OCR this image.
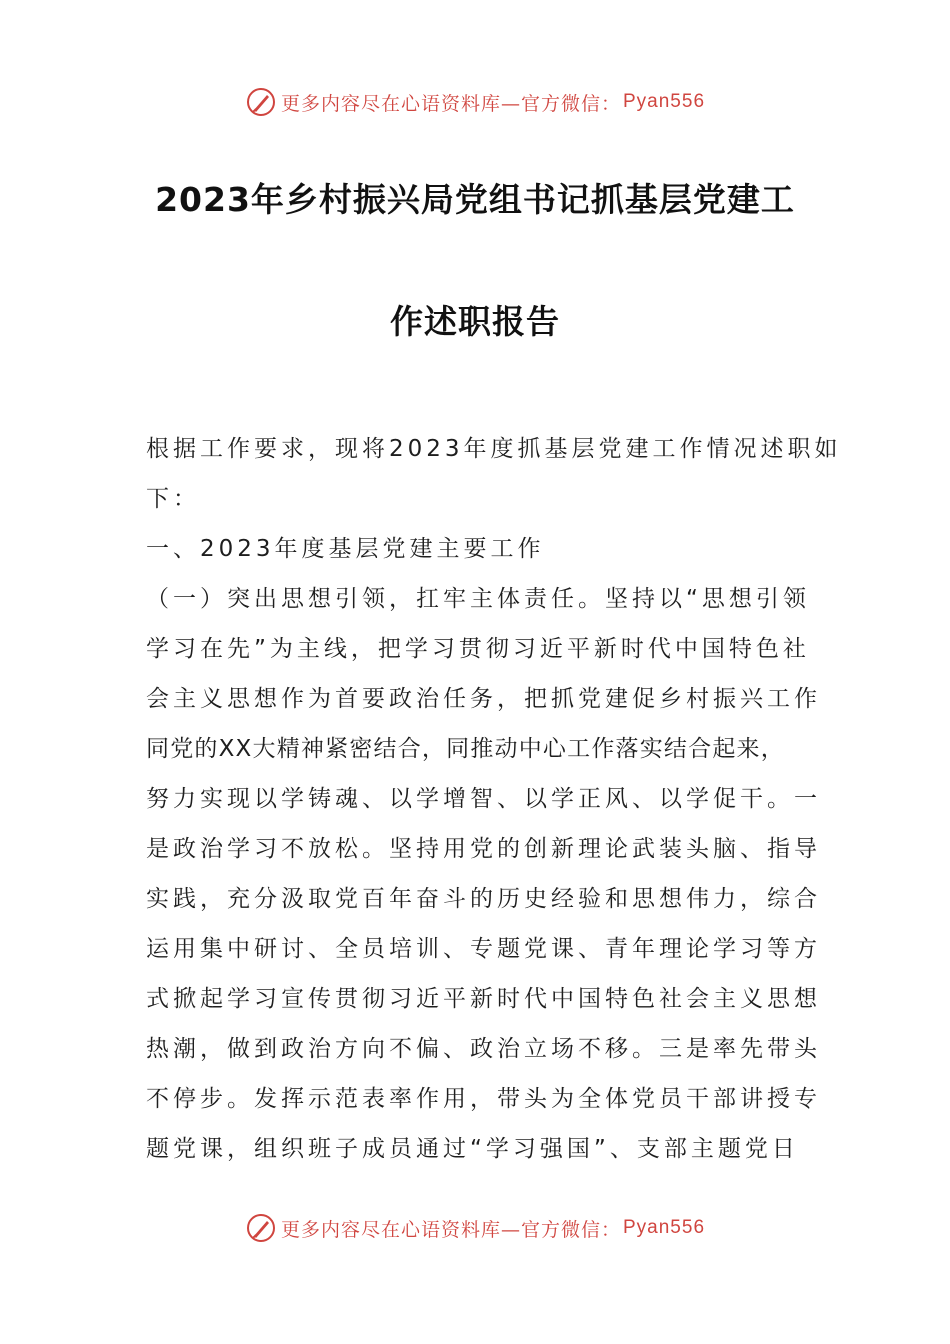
更多内容尽在心语资料库—官方微信： Pyan556
2023年乡村振兴局党组书记抓基层党建工
作述职报告
根据工作要求，现将2023年度抓基层党建工作情况述职如
下：
一、2023年度基层党建主要工作
（一）突出思想引领，扛牢主体责任。坚持以“思想引领
学习在先”为主线，把学习贯彻习近平新时代中国特色社
会主义思想作为首要政治任务，把抓党建促乡村振兴工作
同党的XX大精神紧密结合，同推动中心工作落实结合起来，
努力实现以学铸魂、以学增智、以学正风、以学促干。一
是政治学习不放松。坚持用党的创新理论武装头脑、指导
实践，充分汲取党百年奋斗的历史经验和思想伟力，综合
运用集中研讨、全员培训、专题党课、青年理论学习等方
式掀起学习宣传贯彻习近平新时代中国特色社会主义思想
热潮，做到政治方向不偏、政治立场不移。三是率先带头
不停步。发挥示范表率作用，带头为全体党员干部讲授专
题党课，组织班子成员通过“学习强国”、支部主题党日
更多内容尽在心语资料库—官方微信： Pyan556
